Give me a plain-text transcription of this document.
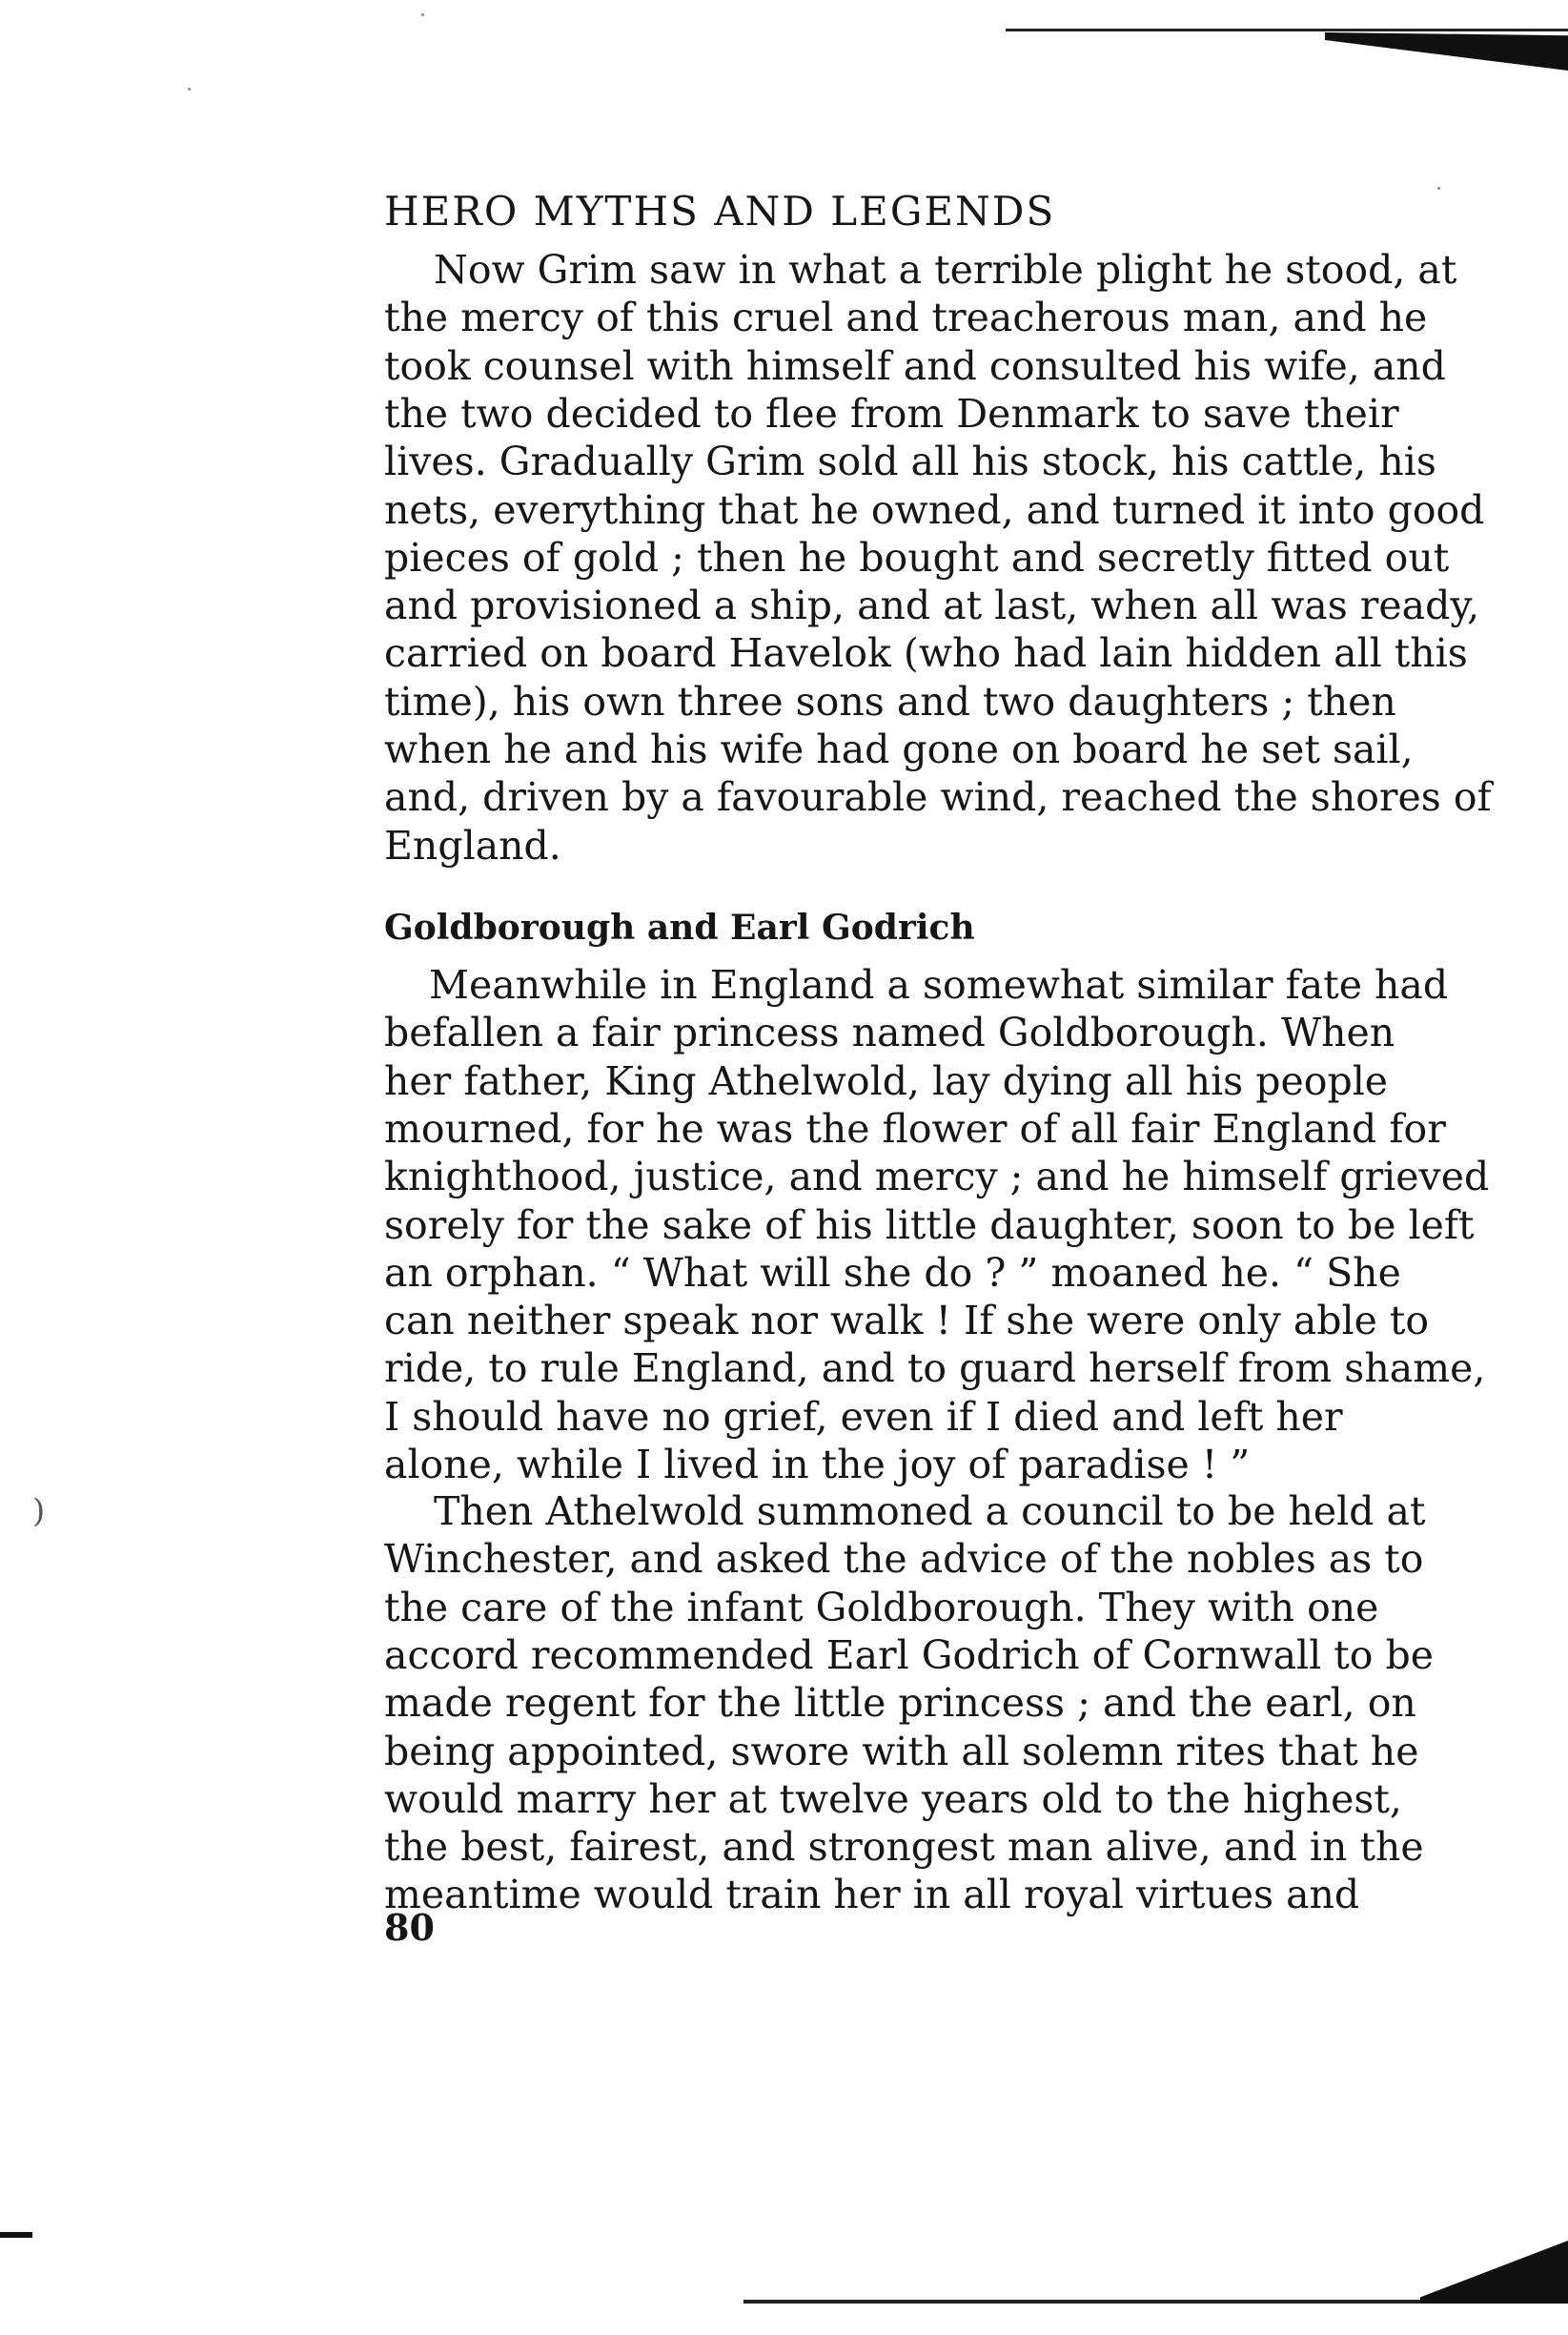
)
HERO MYTHS AND LEGENDS
Now Grim saw in what a terrible plight he stood, at
the mercy of this cruel and treacherous man, and he
took counsel with himself and consulted his wife, and
the two decided to flee from Denmark to save their
lives. Gradually Grim sold all his stock, his cattle, his
nets, everything that he owned, and turned it into good
pieces of gold ; then he bought and secretly fitted out
and provisioned a ship, and at last, when all was ready,
carried on board Havelok (who had lain hidden all this
time), his own three sons and two daughters ; then
when he and his wife had gone on board he set sail,
and, driven by a favourable wind, reached the shores of
England.
Goldborough and Earl Godrich
Meanwhile in England a somewhat similar fate had
befallen a fair princess named Goldborough. When
her father, King Athelwold, lay dying all his people
mourned, for he was the flower of all fair England for
knighthood, justice, and mercy ; and he himself grieved
sorely for the sake of his little daughter, soon to be left
an orphan. “ What will she do ? ” moaned he. “ She
can neither speak nor walk ! If she were only able to
ride, to rule England, and to guard herself from shame,
I should have no grief, even if I died and left her
alone, while I lived in the joy of paradise ! ”
Then Athelwold summoned a council to be held at
Winchester, and asked the advice of the nobles as to
the care of the infant Goldborough. They with one
accord recommended Earl Godrich of Cornwall to be
made regent for the little princess ; and the earl, on
being appointed, swore with all solemn rites that he
would marry her at twelve years old to the highest,
the best, fairest, and strongest man alive, and in the
meantime would train her in all royal virtues and
80
